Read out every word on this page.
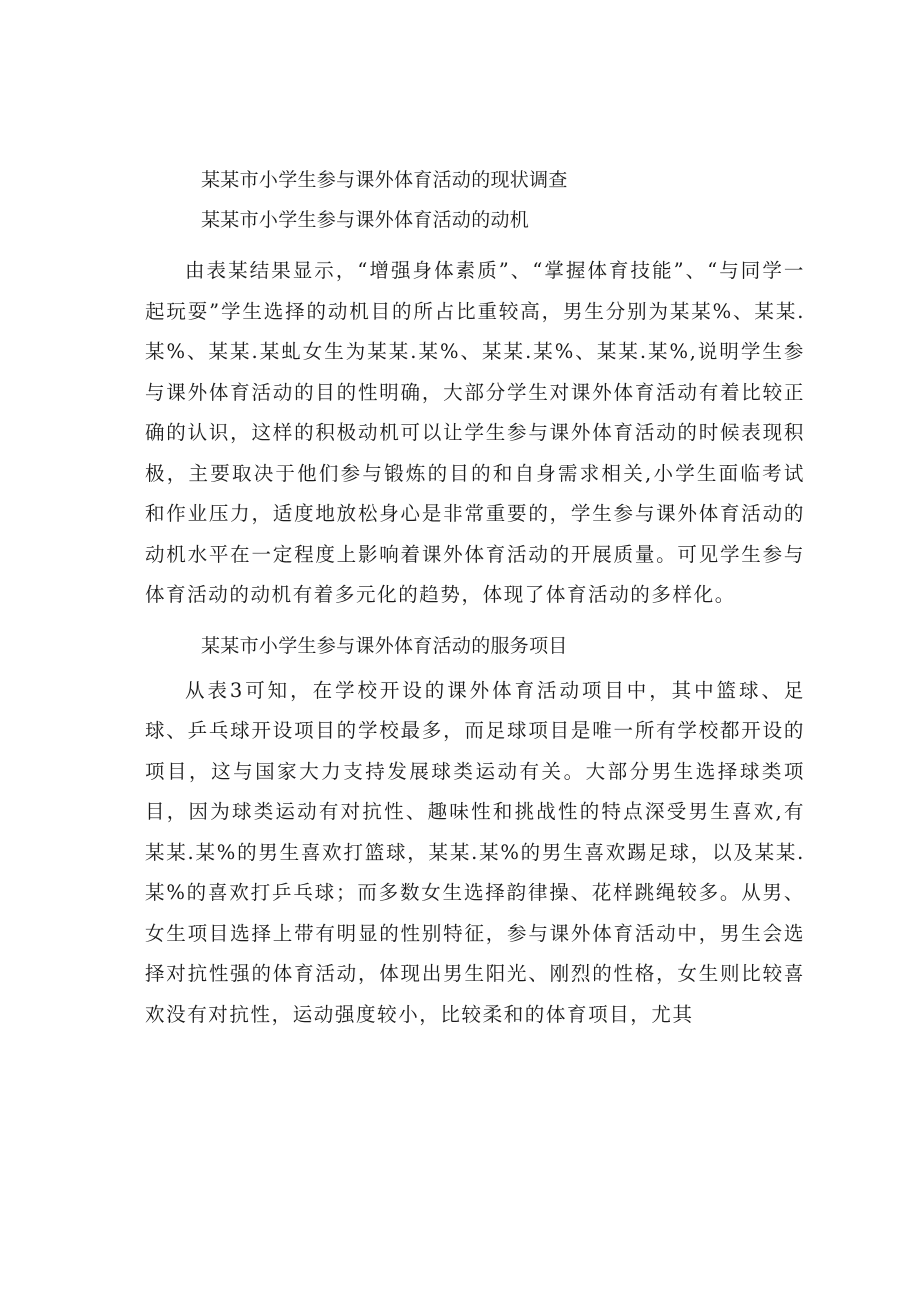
某某市小学生参与课外体育活动的现状调查
某某市小学生参与课外体育活动的动机

由表某结果显示，“增强身体素质”、“掌握体育技能”、“与同学一起玩耍”学生选择的动机目的所占比重较高，男生分别为某某%、某某.某%、某某.某虬女生为某某.某%、某某.某%、某某.某%,说明学生参与课外体育活动的目的性明确，大部分学生对课外体育活动有着比较正确的认识，这样的积极动机可以让学生参与课外体育活动的时候表现积极，主要取决于他们参与锻炼的目的和自身需求相关,小学生面临考试和作业压力，适度地放松身心是非常重要的，学生参与课外体育活动的动机水平在一定程度上影响着课外体育活动的开展质量。可见学生参与体育活动的动机有着多元化的趋势，体现了体育活动的多样化。

某某市小学生参与课外体育活动的服务项目

从表3可知，在学校开设的课外体育活动项目中，其中篮球、足球、乒乓球开设项目的学校最多，而足球项目是唯一所有学校都开设的项目，这与国家大力支持发展球类运动有关。大部分男生选择球类项目，因为球类运动有对抗性、趣味性和挑战性的特点深受男生喜欢,有某某.某%的男生喜欢打篮球，某某.某%的男生喜欢踢足球，以及某某.某%的喜欢打乒乓球；而多数女生选择韵律操、花样跳绳较多。从男、女生项目选择上带有明显的性别特征，参与课外体育活动中，男生会选择对抗性强的体育活动，体现出男生阳光、刚烈的性格，女生则比较喜欢没有对抗性，运动强度较小，比较柔和的体育项目，尤其
